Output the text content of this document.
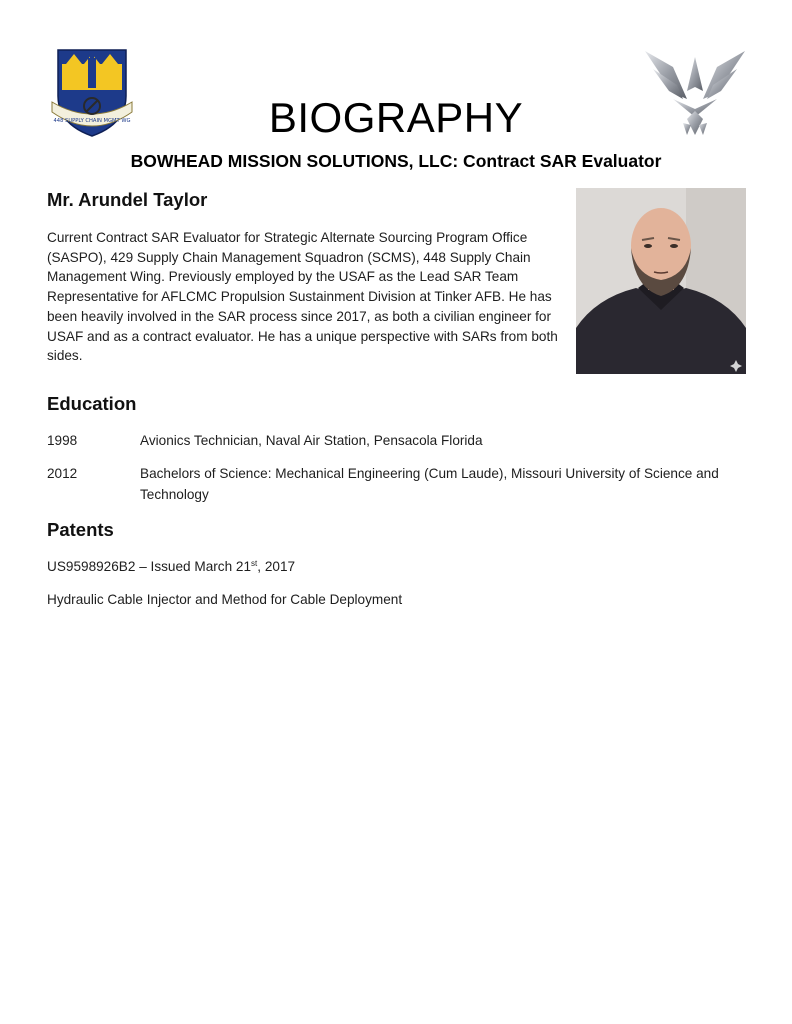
448 SUPPLY CHAIN MGMT WG	BIOGRAPHY
BOWHEAD MISSION SOLUTIONS, LLC: Contract SAR Evaluator
Mr. Arundel Taylor
Current Contract SAR Evaluator for Strategic Alternate Sourcing Program Office (SASPO), 429 Supply Chain Management Squadron (SCMS), 448 Supply Chain Management Wing. Previously employed by the USAF as the Lead SAR Team Representative for AFLCMC Propulsion Sustainment Division at Tinker AFB. He has been heavily involved in the SAR process since 2017, as both a civilian engineer for USAF and as a contract evaluator. He has a unique perspective with SARs from both sides.
Education
1998	Avionics Technician, Naval Air Station, Pensacola Florida
2012	Bachelors of Science: Mechanical Engineering (Cum Laude), Missouri University of Science and Technology
Patents
US9598926B2 – Issued March 21st, 2017
Hydraulic Cable Injector and Method for Cable Deployment
